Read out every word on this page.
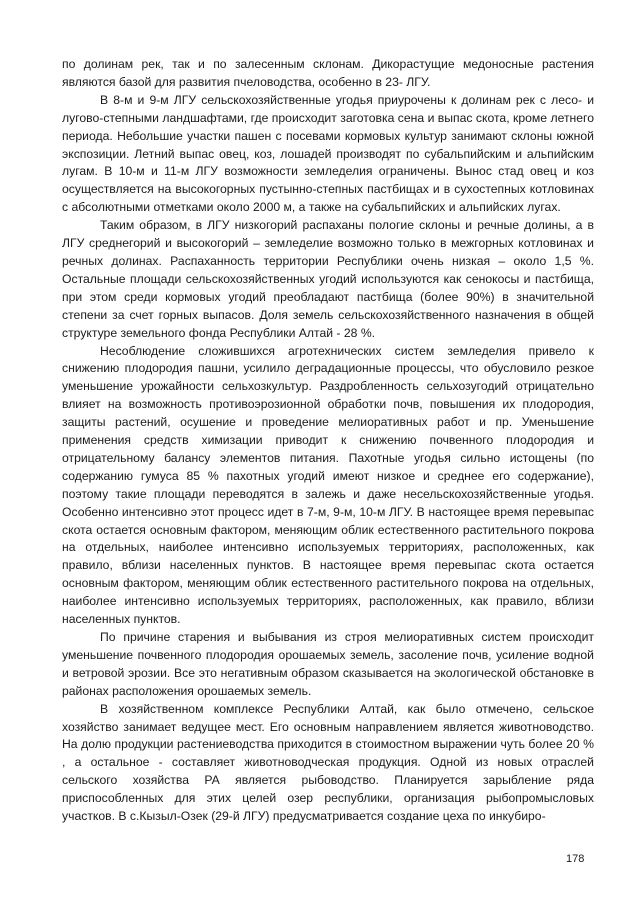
по долинам рек, так и по залесенным склонам. Дикорастущие медоносные растения являются базой для развития пчеловодства, особенно в 23- ЛГУ.

В 8-м и 9-м ЛГУ сельскохозяйственные угодья приурочены к долинам рек с лесо- и лугово-степными ландшафтами, где происходит заготовка сена и выпас скота, кроме летнего периода. Небольшие участки пашен с посевами кормовых культур занимают склоны южной экспозиции. Летний выпас овец, коз, лошадей производят по субальпийским и альпийским лугам. В 10-м и 11-м ЛГУ возможности земледелия ограничены. Вынос стад овец и коз осуществляется на высокогорных пустынно-степных пастбищах и в сухостепных котловинах с абсолютными отметками около 2000 м, а также на субальпийских и альпийских лугах.

Таким образом, в ЛГУ низкогорий распаханы пологие склоны и речные долины, а в ЛГУ среднегорий и высокогорий – земледелие возможно только в межгорных котловинах и речных долинах. Распаханность территории Республики очень низкая – около 1,5 %. Остальные площади сельскохозяйственных угодий используются как сенокосы и пастбища, при этом среди кормовых угодий преобладают пастбища (более 90%) в значительной степени за счет горных выпасов. Доля земель сельскохозяйственного назначения в общей структуре земельного фонда Республики Алтай - 28 %.

Несоблюдение сложившихся агротехнических систем земледелия привело к снижению плодородия пашни, усилило деградационные процессы, что обусловило резкое уменьшение урожайности сельхозкультур. Раздробленность сельхозугодий отрицательно влияет на возможность противоэрозионной обработки почв, повышения их плодородия, защиты растений, осушение и проведение мелиоративных работ и пр. Уменьшение применения средств химизации приводит к снижению почвенного плодородия и отрицательному балансу элементов питания. Пахотные угодья сильно истощены (по содержанию гумуса 85 % пахотных угодий имеют низкое и среднее его содержание), поэтому такие площади переводятся в залежь и даже несельскохозяйственные угодья. Особенно интенсивно этот процесс идет в 7-м, 9-м, 10-м ЛГУ. В настоящее время перевыпас скота остается основным фактором, меняющим облик естественного растительного покрова на отдельных, наиболее интенсивно используемых территориях, расположенных, как правило, вблизи населенных пунктов. В настоящее время перевыпас скота остается основным фактором, меняющим облик естественного растительного покрова на отдельных, наиболее интенсивно используемых территориях, расположенных, как правило, вблизи населенных пунктов.

По причине старения и выбывания из строя мелиоративных систем происходит уменьшение почвенного плодородия орошаемых земель, засоление почв, усиление водной и ветровой эрозии. Все это негативным образом сказывается на экологической обстановке в районах расположения орошаемых земель.

В хозяйственном комплексе Республики Алтай, как было отмечено, сельское хозяйство занимает ведущее мест. Его основным направлением является животноводство. На долю продукции растениеводства приходится в стоимостном выражении чуть более 20 % , а остальное - составляет животноводческая продукция. Одной из новых отраслей сельского хозяйства РА является рыбоводство. Планируется зарыбление ряда приспособленных для этих целей озер республики, организация рыбопромысловых участков. В с.Кызыл-Озек (29-й ЛГУ) предусматривается создание цеха по инкубиро-

178
